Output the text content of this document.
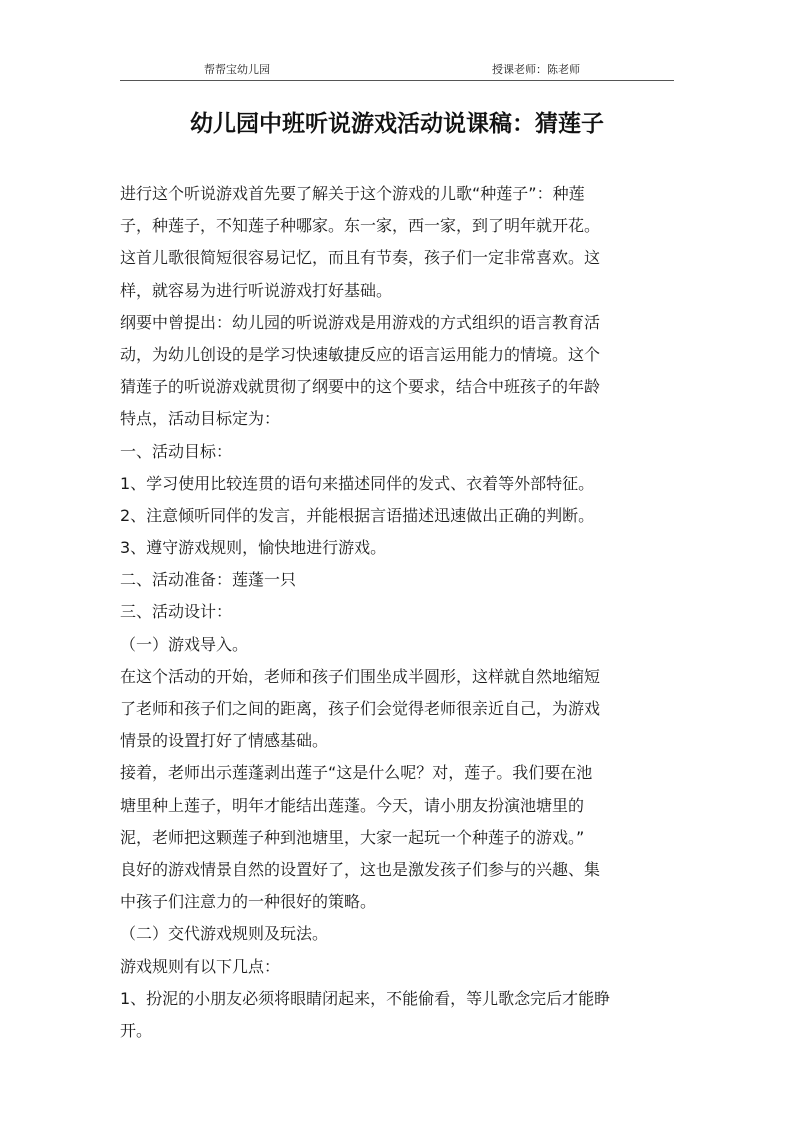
帮帮宝幼儿园	授课老师：陈老师
幼儿园中班听说游戏活动说课稿：猜莲子
进行这个听说游戏首先要了解关于这个游戏的儿歌“种莲子”：种莲
子，种莲子，不知莲子种哪家。东一家，西一家，到了明年就开花。
这首儿歌很简短很容易记忆，而且有节奏，孩子们一定非常喜欢。这
样，就容易为进行听说游戏打好基础。
纲要中曾提出：幼儿园的听说游戏是用游戏的方式组织的语言教育活
动，为幼儿创设的是学习快速敏捷反应的语言运用能力的情境。这个
猜莲子的听说游戏就贯彻了纲要中的这个要求，结合中班孩子的年龄
特点，活动目标定为：
一、活动目标：
1、学习使用比较连贯的语句来描述同伴的发式、衣着等外部特征。
2、注意倾听同伴的发言，并能根据言语描述迅速做出正确的判断。
3、遵守游戏规则，愉快地进行游戏。
二、活动准备：莲蓬一只
三、活动设计：
（一）游戏导入。
在这个活动的开始，老师和孩子们围坐成半圆形，这样就自然地缩短
了老师和孩子们之间的距离，孩子们会觉得老师很亲近自己，为游戏
情景的设置打好了情感基础。
接着，老师出示莲蓬剥出莲子“这是什么呢？对，莲子。我们要在池
塘里种上莲子，明年才能结出莲蓬。今天，请小朋友扮演池塘里的
泥，老师把这颗莲子种到池塘里，大家一起玩一个种莲子的游戏。”
良好的游戏情景自然的设置好了，这也是激发孩子们参与的兴趣、集
中孩子们注意力的一种很好的策略。
（二）交代游戏规则及玩法。
游戏规则有以下几点：
1、扮泥的小朋友必须将眼睛闭起来，不能偷看，等儿歌念完后才能睁
开。
